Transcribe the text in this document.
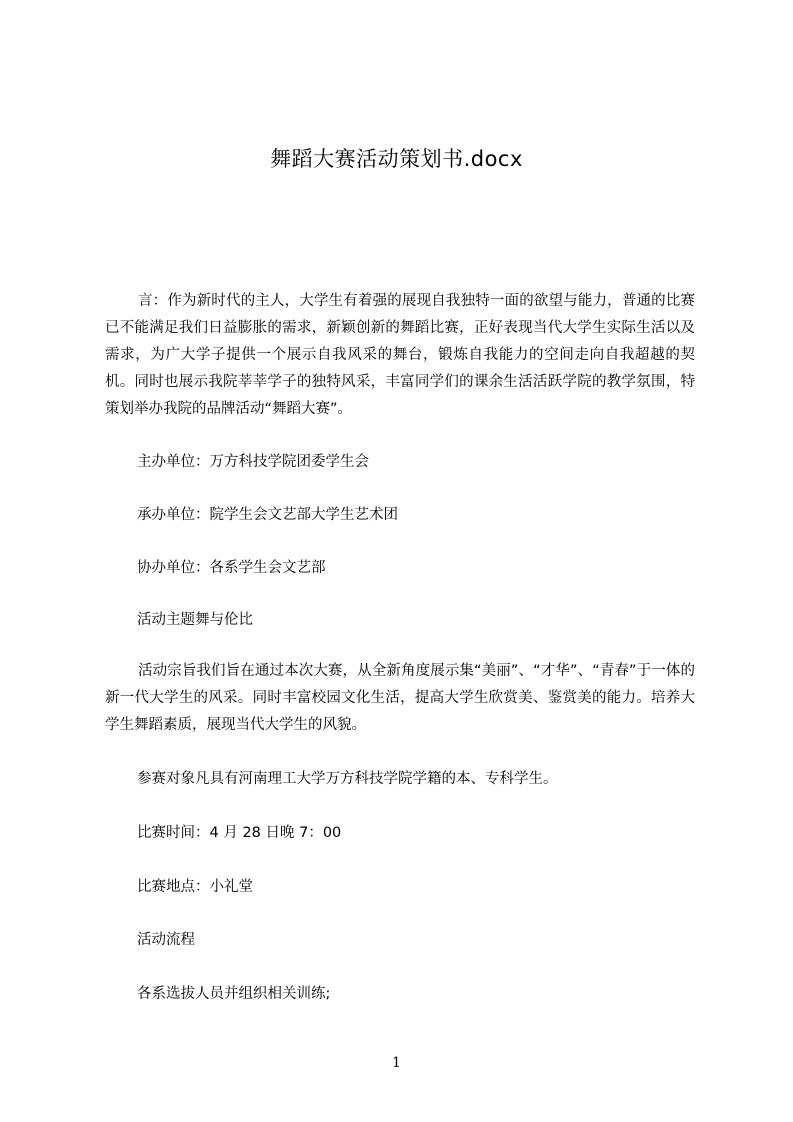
舞蹈大赛活动策划书.docx

言：作为新时代的主人，大学生有着强的展现自我独特一面的欲望与能力，普通的比赛已不能满足我们日益膨胀的需求，新颖创新的舞蹈比赛，正好表现当代大学生实际生活以及需求，为广大学子提供一个展示自我风采的舞台，锻炼自我能力的空间走向自我超越的契机。同时也展示我院莘莘学子的独特风采，丰富同学们的课余生活活跃学院的教学氛围，特策划举办我院的品牌活动“舞蹈大赛”。

主办单位：万方科技学院团委学生会

承办单位：院学生会文艺部大学生艺术团

协办单位：各系学生会文艺部

活动主题舞与伦比

活动宗旨我们旨在通过本次大赛，从全新角度展示集“美丽”、“才华”、“青春”于一体的新一代大学生的风采。同时丰富校园文化生活，提高大学生欣赏美、鉴赏美的能力。培养大学生舞蹈素质，展现当代大学生的风貌。

参赛对象凡具有河南理工大学万方科技学院学籍的本、专科学生。

比赛时间：4 月 28 日晚 7：00

比赛地点：小礼堂

活动流程

各系选拔人员并组织相关训练;

1
